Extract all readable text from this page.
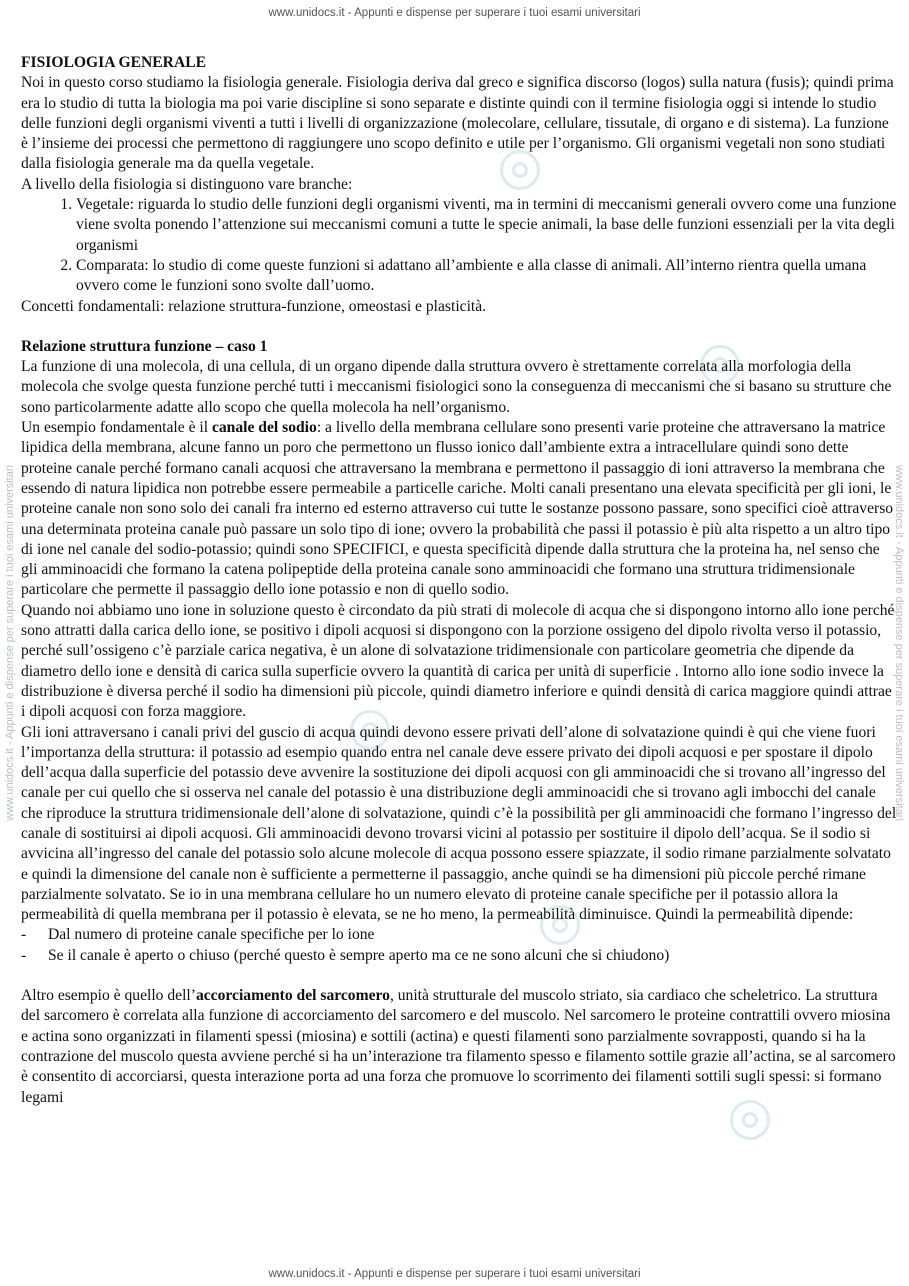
www.unidocs.it - Appunti e dispense per superare i tuoi esami universitari
www.unidocs.it - Appunti e dispense per superare i tuoi esami universitari	www.unidocs.it - Appunti e dispense per superare i tuoi esami universitari

FISIOLOGIA GENERALE

Noi in questo corso studiamo la fisiologia generale. Fisiologia deriva dal greco e significa discorso (logos) sulla natura (fusis); quindi prima era lo studio di tutta la biologia ma poi varie discipline si sono separate e distinte quindi con il termine fisiologia oggi si intende lo studio delle funzioni degli organismi viventi a tutti i livelli di organizzazione (molecolare, cellulare, tissutale, di organo e di sistema). La funzione è l’insieme dei processi che permettono di raggiungere uno scopo definito e utile per l’organismo. Gli organismi vegetali non sono studiati dalla fisiologia generale ma da quella vegetale.

A livello della fisiologia si distinguono vare branche:

1. Vegetale: riguarda lo studio delle funzioni degli organismi viventi, ma in termini di meccanismi generali ovvero come una funzione viene svolta ponendo l’attenzione sui meccanismi comuni a tutte le specie animali, la base delle funzioni essenziali per la vita degli organismi
2. Comparata: lo studio di come queste funzioni si adattano all’ambiente e alla classe di animali. All’interno rientra quella umana ovvero come le funzioni sono svolte dall’uomo.

Concetti fondamentali: relazione struttura-funzione, omeostasi e plasticità.

Relazione struttura funzione – caso 1

La funzione di una molecola, di una cellula, di un organo dipende dalla struttura ovvero è strettamente correlata alla morfologia della molecola che svolge questa funzione perché tutti i meccanismi fisiologici sono la conseguenza di meccanismi che si basano su strutture che sono particolarmente adatte allo scopo che quella molecola ha nell’organismo.

Un esempio fondamentale è il canale del sodio: a livello della membrana cellulare sono presenti varie proteine che attraversano la matrice lipidica della membrana, alcune fanno un poro che permettono un flusso ionico dall’ambiente extra a intracellulare quindi sono dette proteine canale perché formano canali acquosi che attraversano la membrana e permettono il passaggio di ioni attraverso la membrana che essendo di natura lipidica non potrebbe essere permeabile a particelle cariche. Molti canali presentano una elevata specificità per gli ioni, le proteine canale non sono solo dei canali fra interno ed esterno attraverso cui tutte le sostanze possono passare, sono specifici cioè attraverso una determinata proteina canale può passare un solo tipo di ione; ovvero la probabilità che passi il potassio è più alta rispetto a un altro tipo di ione nel canale del sodio-potassio; quindi sono SPECIFICI, e questa specificità dipende dalla struttura che la proteina ha, nel senso che gli amminoacidi che formano la catena polipeptide della proteina canale sono amminoacidi che formano una struttura tridimensionale particolare che permette il passaggio dello ione potassio e non di quello sodio.

Quando noi abbiamo uno ione in soluzione questo è circondato da più strati di molecole di acqua che si dispongono intorno allo ione perché sono attratti dalla carica dello ione, se positivo i dipoli acquosi si dispongono con la porzione ossigeno del dipolo rivolta verso il potassio, perché sull’ossigeno c’è parziale carica negativa, è un alone di solvatazione tridimensionale con particolare geometria che dipende da diametro dello ione e densità di carica sulla superficie ovvero la quantità di carica per unità di superficie . Intorno allo ione sodio invece la distribuzione è diversa perché il sodio ha dimensioni più piccole, quindi diametro inferiore e quindi densità di carica maggiore quindi attrae i dipoli acquosi con forza maggiore.

Gli ioni attraversano i canali privi del guscio di acqua quindi devono essere privati dell’alone di solvatazione quindi è qui che viene fuori l’importanza della struttura: il potassio ad esempio quando entra nel canale deve essere privato dei dipoli acquosi e per spostare il dipolo dell’acqua dalla superficie del potassio deve avvenire la sostituzione dei dipoli acquosi con gli amminoacidi che si trovano all’ingresso del canale per cui quello che si osserva nel canale del potassio è una distribuzione degli amminoacidi che si trovano agli imbocchi del canale che riproduce la struttura tridimensionale dell’alone di solvatazione, quindi c’è la possibilità per gli amminoacidi che formano l’ingresso del canale di sostituirsi ai dipoli acquosi. Gli amminoacidi devono trovarsi vicini al potassio per sostituire il dipolo dell’acqua. Se il sodio si avvicina all’ingresso del canale del potassio solo alcune molecole di acqua possono essere spiazzate, il sodio rimane parzialmente solvatato e quindi la dimensione del canale non è sufficiente a permetterne il passaggio, anche quindi se ha dimensioni più piccole perché rimane parzialmente solvatato. Se io in una membrana cellulare ho un numero elevato di proteine canale specifiche per il potassio allora la permeabilità di quella membrana per il potassio è elevata, se ne ho meno, la permeabilità diminuisce. Quindi la permeabilità dipende:

- Dal numero di proteine canale specifiche per lo ione
- Se il canale è aperto o chiuso (perché questo è sempre aperto ma ce ne sono alcuni che si chiudono)

Altro esempio è quello dell’accorciamento del sarcomero, unità strutturale del muscolo striato, sia cardiaco che scheletrico. La struttura del sarcomero è correlata alla funzione di accorciamento del sarcomero e del muscolo. Nel sarcomero le proteine contrattili ovvero miosina e actina sono organizzati in filamenti spessi (miosina) e sottili (actina) e questi filamenti sono parzialmente sovrapposti, quando si ha la contrazione del muscolo questa avviene perché si ha un’interazione tra filamento spesso e filamento sottile grazie all’actina, se al sarcomero è consentito di accorciarsi, questa interazione porta ad una forza che promuove lo scorrimento dei filamenti sottili sugli spessi: si formano legami

www.unidocs.it - Appunti e dispense per superare i tuoi esami universitari
